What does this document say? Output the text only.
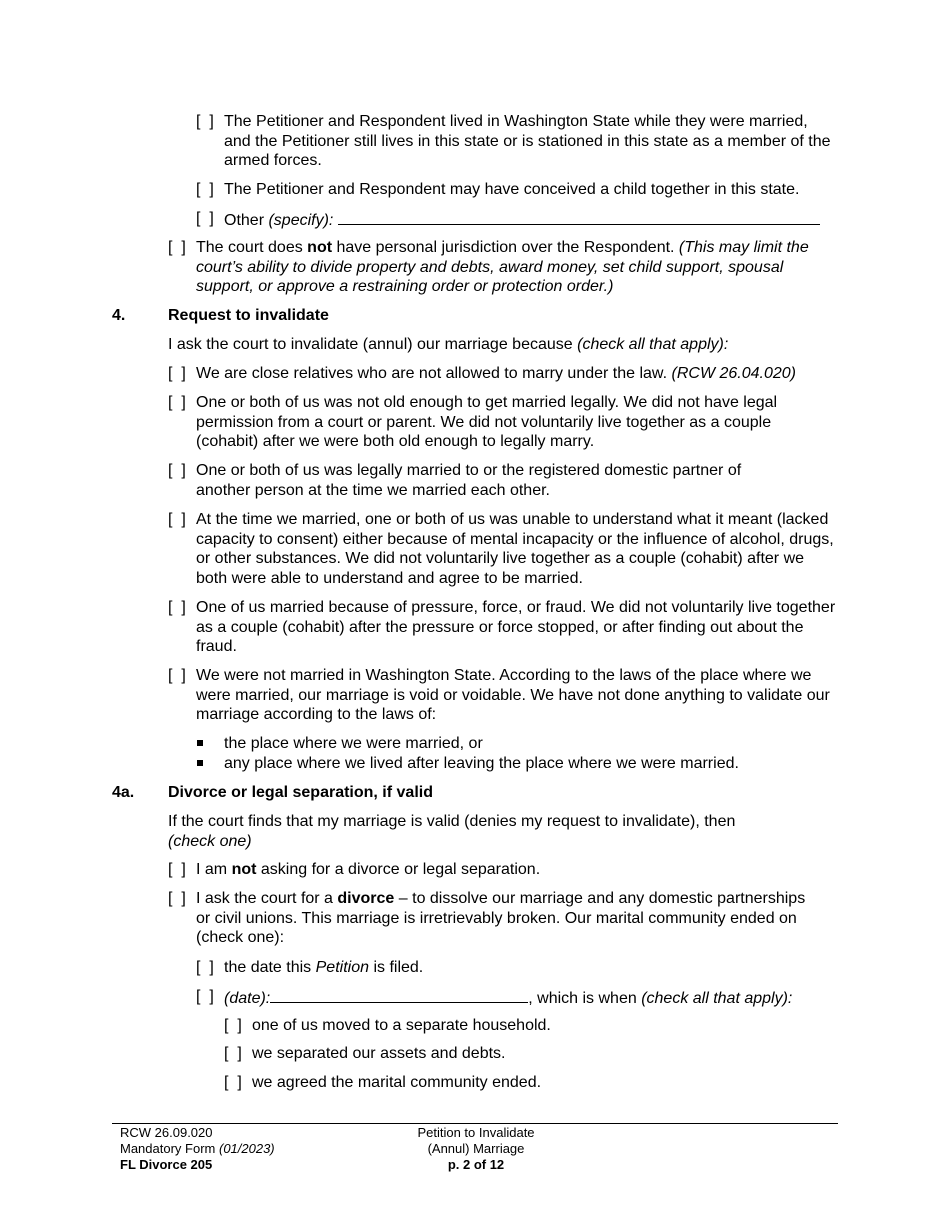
[  ] The Petitioner and Respondent lived in Washington State while they were married, and the Petitioner still lives in this state or is stationed in this state as a member of the armed forces.
[  ] The Petitioner and Respondent may have conceived a child together in this state.
[  ] Other (specify):
[  ] The court does not have personal jurisdiction over the Respondent. (This may limit the court’s ability to divide property and debts, award money, set child support, spousal support, or approve a restraining order or protection order.)
4.	Request to invalidate
I ask the court to invalidate (annul) our marriage because (check all that apply):
[  ] We are close relatives who are not allowed to marry under the law. (RCW 26.04.020)
[  ] One or both of us was not old enough to get married legally. We did not have legal permission from a court or parent. We did not voluntarily live together as a couple (cohabit) after we were both old enough to legally marry.
[  ] One or both of us was legally married to or the registered domestic partner of another person at the time we married each other.
[  ] At the time we married, one or both of us was unable to understand what it meant (lacked capacity to consent) either because of mental incapacity or the influence of alcohol, drugs, or other substances. We did not voluntarily live together as a couple (cohabit) after we both were able to understand and agree to be married.
[  ] One of us married because of pressure, force, or fraud. We did not voluntarily live together as a couple (cohabit) after the pressure or force stopped, or after finding out about the fraud.
[  ] We were not married in Washington State. According to the laws of the place where we were married, our marriage is void or voidable. We have not done anything to validate our marriage according to the laws of:
the place where we were married, or
any place where we lived after leaving the place where we were married.
4a. Divorce or legal separation, if valid
If the court finds that my marriage is valid (denies my request to invalidate), then
(check one)
[  ] I am not asking for a divorce or legal separation.
[  ] I ask the court for a divorce – to dissolve our marriage and any domestic partnerships or civil unions. This marriage is irretrievably broken. Our marital community ended on (check one):
[  ] the date this Petition is filed.
[  ] (date):	, which is when (check all that apply):
[  ] one of us moved to a separate household.
[  ] we separated our assets and debts.
[  ] we agreed the marital community ended.
RCW 26.09.020
Mandatory Form (01/2023)
FL Divorce 205
Petition to Invalidate
(Annul) Marriage
p. 2 of 12
